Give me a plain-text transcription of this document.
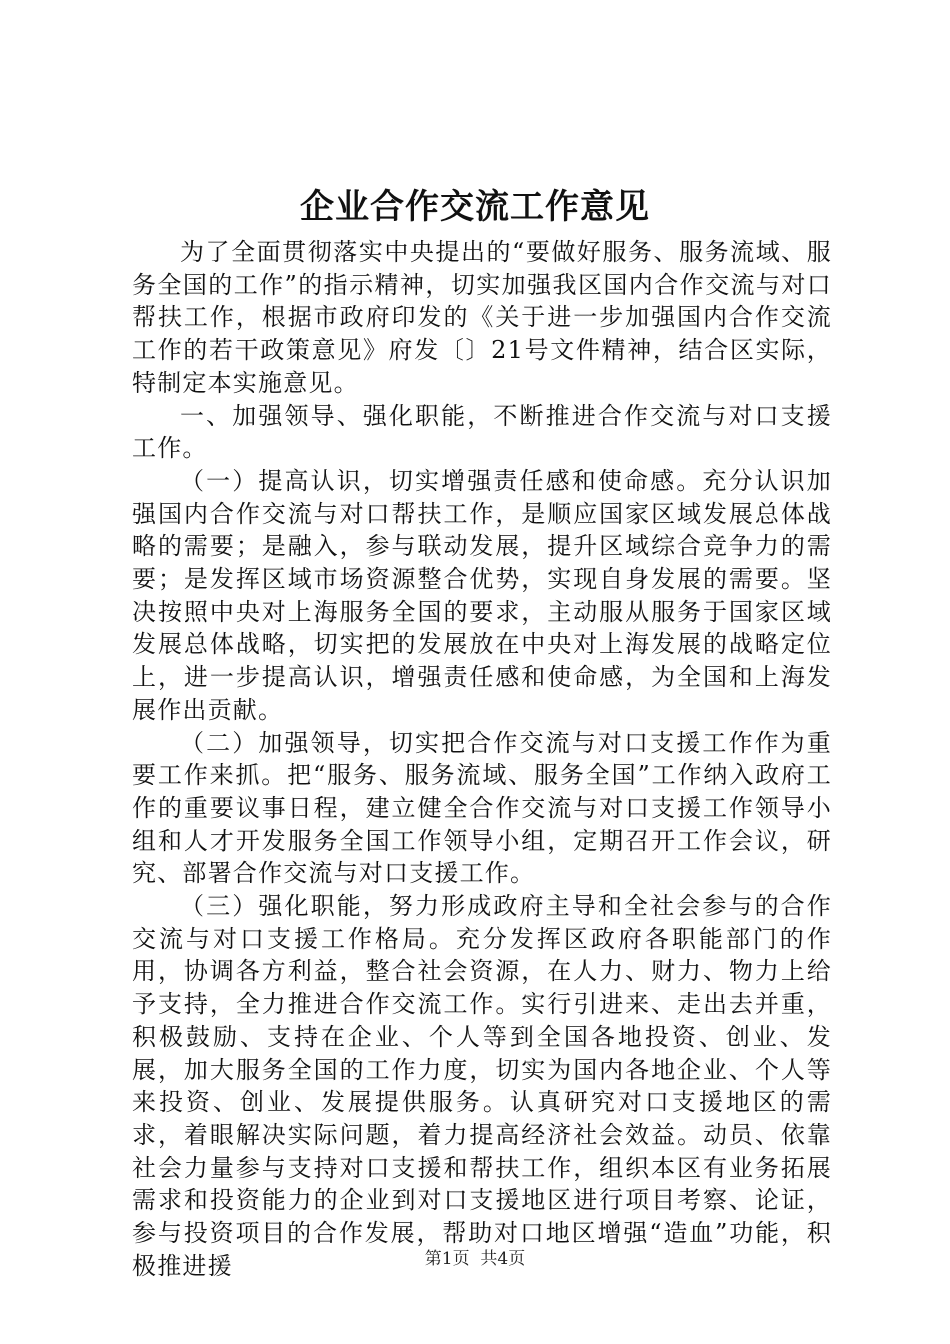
企业合作交流工作意见

为了全面贯彻落实中央提出的“要做好服务、服务流域、服务全国的工作”的指示精神，切实加强我区国内合作交流与对口帮扶工作，根据市政府印发的《关于进一步加强国内合作交流工作的若干政策意见》府发〔〕21号文件精神，结合区实际，特制定本实施意见。

一、加强领导、强化职能，不断推进合作交流与对口支援工作。

（一）提高认识，切实增强责任感和使命感。充分认识加强国内合作交流与对口帮扶工作，是顺应国家区域发展总体战略的需要；是融入，参与联动发展，提升区域综合竞争力的需要；是发挥区域市场资源整合优势，实现自身发展的需要。坚决按照中央对上海服务全国的要求，主动服从服务于国家区域发展总体战略，切实把的发展放在中央对上海发展的战略定位上，进一步提高认识，增强责任感和使命感，为全国和上海发展作出贡献。

（二）加强领导，切实把合作交流与对口支援工作作为重要工作来抓。把“服务、服务流域、服务全国”工作纳入政府工作的重要议事日程，建立健全合作交流与对口支援工作领导小组和人才开发服务全国工作领导小组，定期召开工作会议，研究、部署合作交流与对口支援工作。

（三）强化职能，努力形成政府主导和全社会参与的合作交流与对口支援工作格局。充分发挥区政府各职能部门的作用，协调各方利益，整合社会资源，在人力、财力、物力上给予支持，全力推进合作交流工作。实行引进来、走出去并重，积极鼓励、支持在企业、个人等到全国各地投资、创业、发展，加大服务全国的工作力度，切实为国内各地企业、个人等来投资、创业、发展提供服务。认真研究对口支援地区的需求，着眼解决实际问题，着力提高经济社会效益。动员、依靠社会力量参与支持对口支援和帮扶工作，组织本区有业务拓展需求和投资能力的企业到对口支援地区进行项目考察、论证，参与投资项目的合作发展，帮助对口地区增强“造血”功能，积极推进援	第1页 共4页
